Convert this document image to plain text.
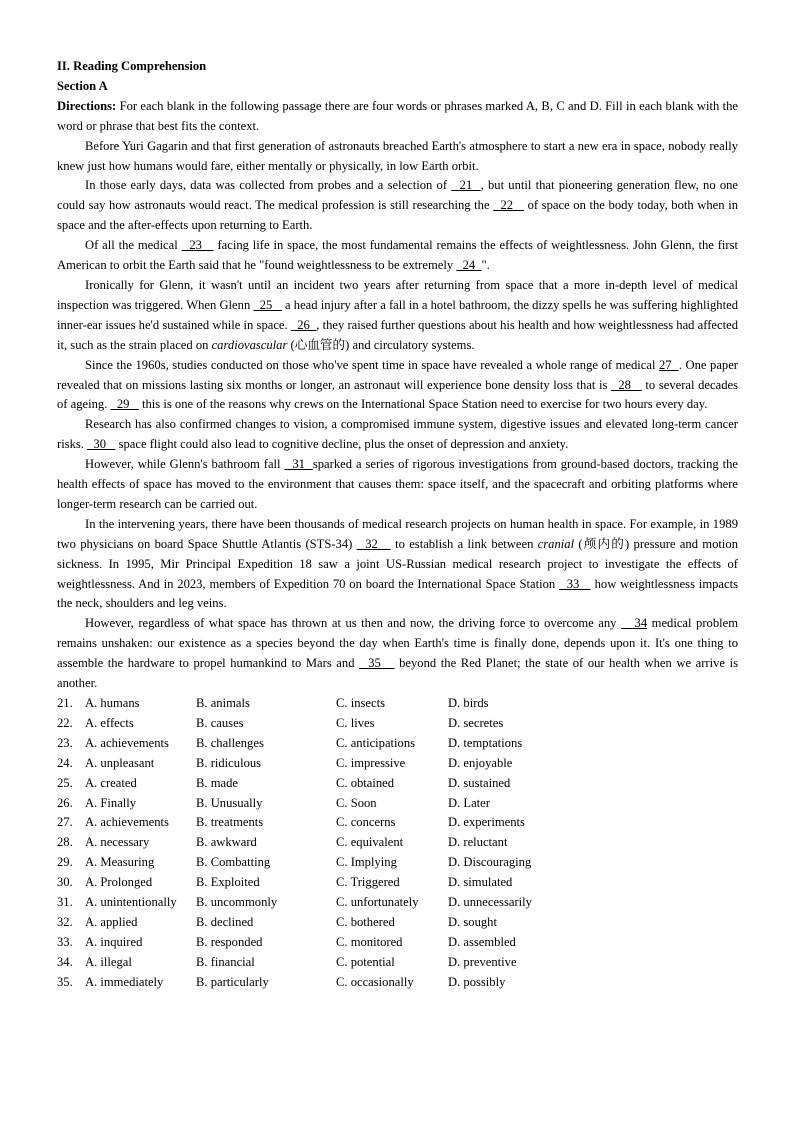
II. Reading Comprehension

Section A

Directions: For each blank in the following passage there are four words or phrases marked A, B, C and D. Fill in each blank with the word or phrase that best fits the context.

Before Yuri Gagarin and that first generation of astronauts breached Earth's atmosphere to start a new era in space, nobody really knew just how humans would fare, either mentally or physically, in low Earth orbit.

In those early days, data was collected from probes and a selection of   21  , but until that pioneering generation flew, no one could say how astronauts would react. The medical profession is still researching the   22    of space on the body today, both when in space and the after-effects upon returning to Earth.

Of all the medical   23    facing life in space, the most fundamental remains the effects of weightlessness. John Glenn, the first American to orbit the Earth said that he "found weightlessness to be extremely   24  ".

Ironically for Glenn, it wasn't until an incident two years after returning from space that a more in-depth level of medical inspection was triggered. When Glenn   25    a head injury after a fall in a hotel bathroom, the dizzy spells he was suffering highlighted inner-ear issues he'd sustained while in space.   26  , they raised further questions about his health and how weightlessness had affected it, such as the strain placed on cardiovascular (心血管的) and circulatory systems.

Since the 1960s, studies conducted on those who've spent time in space have revealed a whole range of medical 27  . One paper revealed that on missions lasting six months or longer, an astronaut will experience bone density loss that is   28    to several decades of ageing.   29    this is one of the reasons why crews on the International Space Station need to exercise for two hours every day.

Research has also confirmed changes to vision, a compromised immune system, digestive issues and elevated long-term cancer risks.   30    space flight could also lead to cognitive decline, plus the onset of depression and anxiety.

However, while Glenn's bathroom fall   31  sparked a series of rigorous investigations from ground-based doctors, tracking the health effects of space has moved to the environment that causes them: space itself, and the spacecraft and orbiting platforms where longer-term research can be carried out.

In the intervening years, there have been thousands of medical research projects on human health in space. For example, in 1989 two physicians on board Space Shuttle Atlantis (STS-34)   32    to establish a link between cranial (颅内的) pressure and motion sickness. In 1995, Mir Principal Expedition 18 saw a joint US-Russian medical research project to investigate the effects of weightlessness. And in 2023, members of Expedition 70 on board the International Space Station   33    how weightlessness impacts the neck, shoulders and leg veins.

However, regardless of what space has thrown at us then and now, the driving force to overcome any    34 medical problem remains unshaken: our existence as a species beyond the day when Earth's time is finally done, depends upon it. It's one thing to assemble the hardware to propel humankind to Mars and   35    beyond the Red Planet; the state of our health when we arrive is another.

21.	A. humans	B. animals	C. insects	D. birds
22.	A. effects	B. causes	C. lives	D. secretes
23.	A. achievements	B. challenges	C. anticipations	D. temptations
24.	A. unpleasant	B. ridiculous	C. impressive	D. enjoyable
25.	A. created	B. made	C. obtained	D. sustained
26.	A. Finally	B. Unusually	C. Soon	D. Later
27.	A. achievements	B. treatments	C. concerns	D. experiments
28.	A. necessary	B. awkward	C. equivalent	D. reluctant
29.	A. Measuring	B. Combatting	C. Implying	D. Discouraging
30.	A. Prolonged	B. Exploited	C. Triggered	D. simulated
31.	A. unintentionally	B. uncommonly	C. unfortunately	D. unnecessarily
32.	A. applied	B. declined	C. bothered	D. sought
33.	A. inquired	B. responded	C. monitored	D. assembled
34.	A. illegal	B. financial	C. potential	D. preventive
35.	A. immediately	B. particularly	C. occasionally	D. possibly
